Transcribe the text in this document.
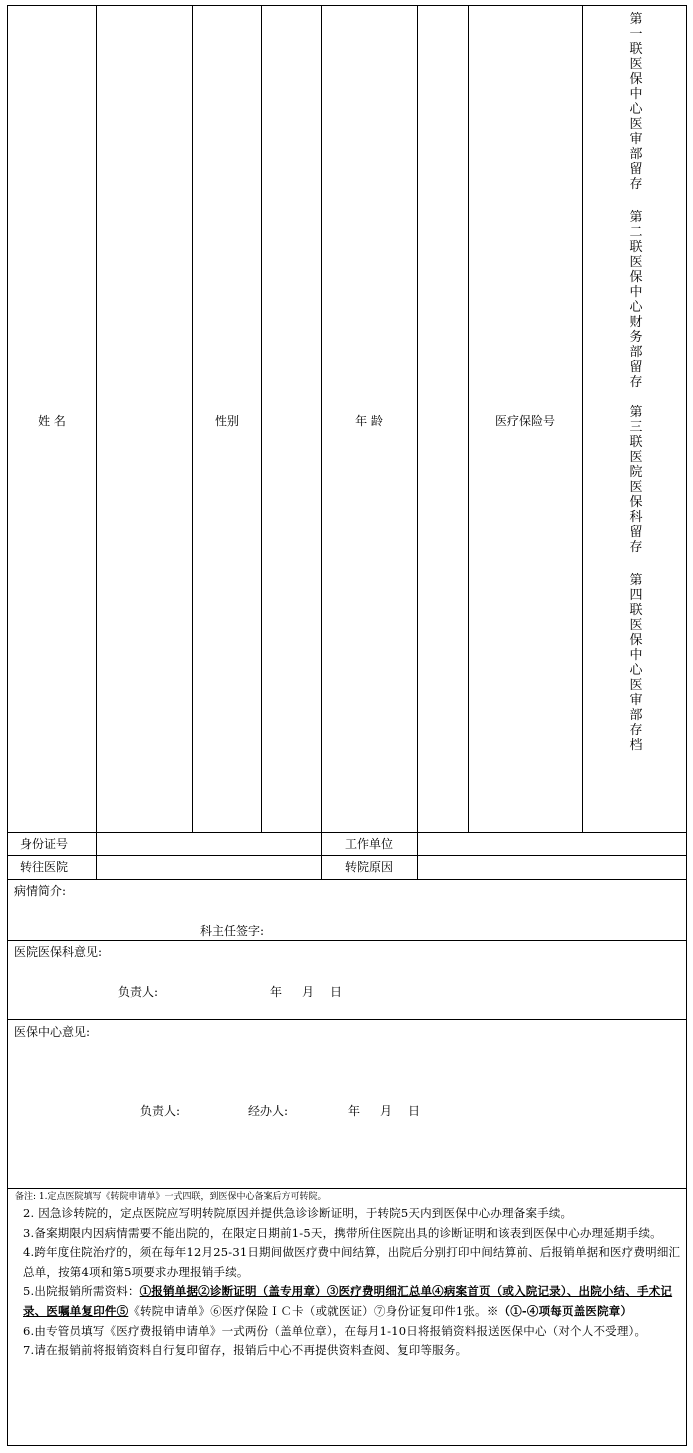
姓 名	性别	年 龄	医疗保险号
第一联 医保中心医审部留存
第二联 医保中心财务部留存
第三联 医院医保科留存
第四联 医保中心医审部存档
身份证号	工作单位
转往医院	转院原因
病情简介:
科主任签字:
医院医保科意见:
负责人:	年 月 日
医保中心意见:
负责人:	经办人:	年 月 日
备注: 1.定点医院填写《转院申请单》一式四联，到医保中心备案后方可转院。
2. 因急诊转院的，定点医院应写明转院原因并提供急诊诊断证明，于转院5天内到医保中心办理备案手续。
3.备案期限内因病情需要不能出院的，在限定日期前1-5天，携带所住医院出具的诊断证明和该表到医保中心办理延期手续。
4.跨年度住院治疗的，须在每年12月25-31日期间做医疗费中间结算，出院后分别打印中间结算前、后报销单据和医疗费明细汇总单，按第4项和第5项要求办理报销手续。
5.出院报销所需资料：①报销单据②诊断证明（盖专用章）③医疗费明细汇总单④病案首页（或入院记录）、出院小结、手术记录、医嘱单复印件⑤《转院申请单》⑥医疗保险ＩＣ卡（或就医证）⑦身份证复印件1张。※（①-④项每页盖医院章）
6.由专管员填写《医疗费报销申请单》一式两份（盖单位章），在每月1-10日将报销资料报送医保中心（对个人不受理）。
7.请在报销前将报销资料自行复印留存，报销后中心不再提供资料查阅、复印等服务。
